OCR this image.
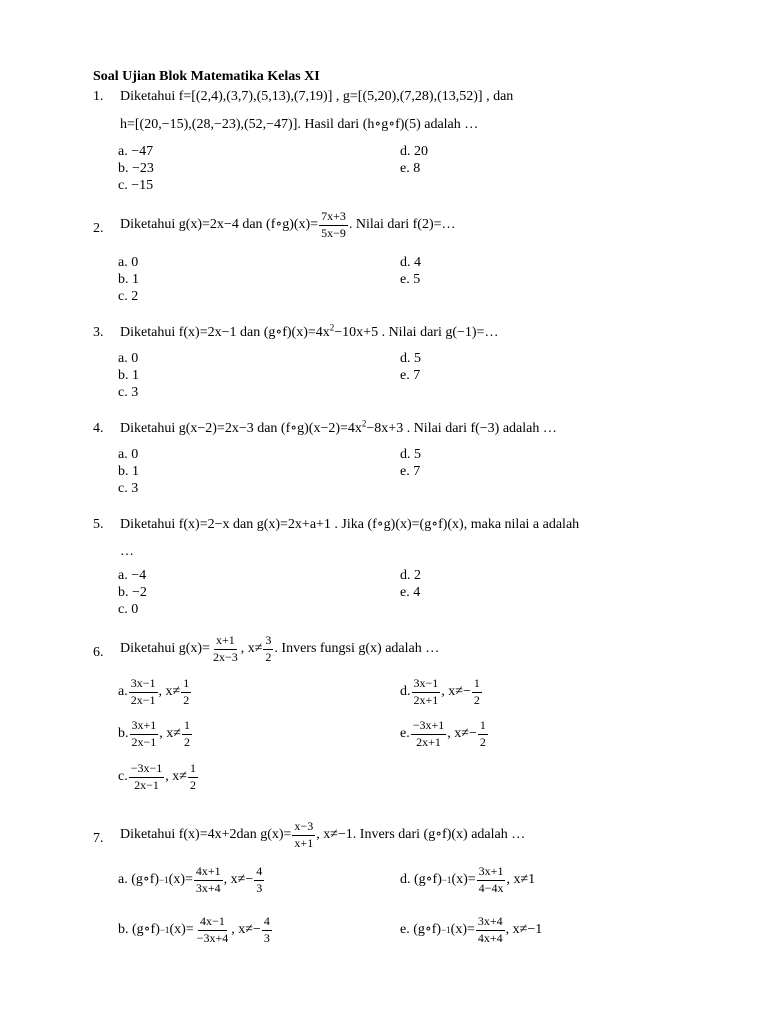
Soal Ujian Blok Matematika Kelas XI
1. Diketahui f=[(2,4),(3,7),(5,13),(7,19)] , g=[(5,20),(7,28),(13,52)] , dan
h=[(20,−15),(28,−23),(52,−47)]. Hasil dari (h∘g∘f)(5) adalah …
a. −47
b. −23
c. −15
d. 20
e. 8
2. Diketahui g(x)=2x−4 dan (f∘g)(x)= $\frac{7x+3}{5x-9}$ . Nilai dari f(2)=…
a. 0
b. 1
c. 2
d. 4
e. 5
3. Diketahui f(x)=2x−1 dan $(g\circ f)(x)=4x^2-10x+5$ . Nilai dari g(−1)=…
a. 0
b. 1
c. 3
d. 5
e. 7
4. Diketahui g(x−2)=2x−3 dan $(f\circ g)(x-2)=4x^2-8x+3$ . Nilai dari f(−3) adalah …
a. 0
b. 1
c. 3
d. 5
e. 7
5. Diketahui f(x)=2−x dan g(x)=2x+a+1 . Jika (f∘g)(x)=(g∘f)(x), maka nilai a adalah
…
a. −4
b. −2
c. 0
d. 2
e. 4
6. Diketahui $g(x)= \frac{x+1}{2x-3}$ , $x\ne \frac{3}{2}$ . Invers fungsi g(x) adalah …
a. $\frac{3x-1}{2x-1}$ , $x\ne \frac{1}{2}$
b. $\frac{3x+1}{2x-1}$ , $x\ne \frac{1}{2}$
c. $\frac{-3x-1}{2x-1}$ , $x\ne \frac{1}{2}$
d. $\frac{3x-1}{2x+1}$ , $x\ne- \frac{1}{2}$
e. $\frac{-3x+1}{2x+1}$ , $x\ne- \frac{1}{2}$
7. Diketahui f(x)=4x+2dan $g(x)= \frac{x-3}{x+1}$ , x≠−1. Invers dari (g∘f)(x) adalah …
a.
(g∘f) −1 $(x)= \frac{4x+1}{3x+4}$ , $x\ne- \frac{4}{3}$
b.
(g∘f) −1 $(x)= \frac{4x-1}{-3x+4}$ , $x\ne- \frac{4}{3}$
d.
(g∘f) −1 $(x)= \frac{3x+1}{4-4x}$ , x≠1
e.
(g∘f) −1 $(x)= \frac{3x+4}{4x+4}$ , x≠−1
